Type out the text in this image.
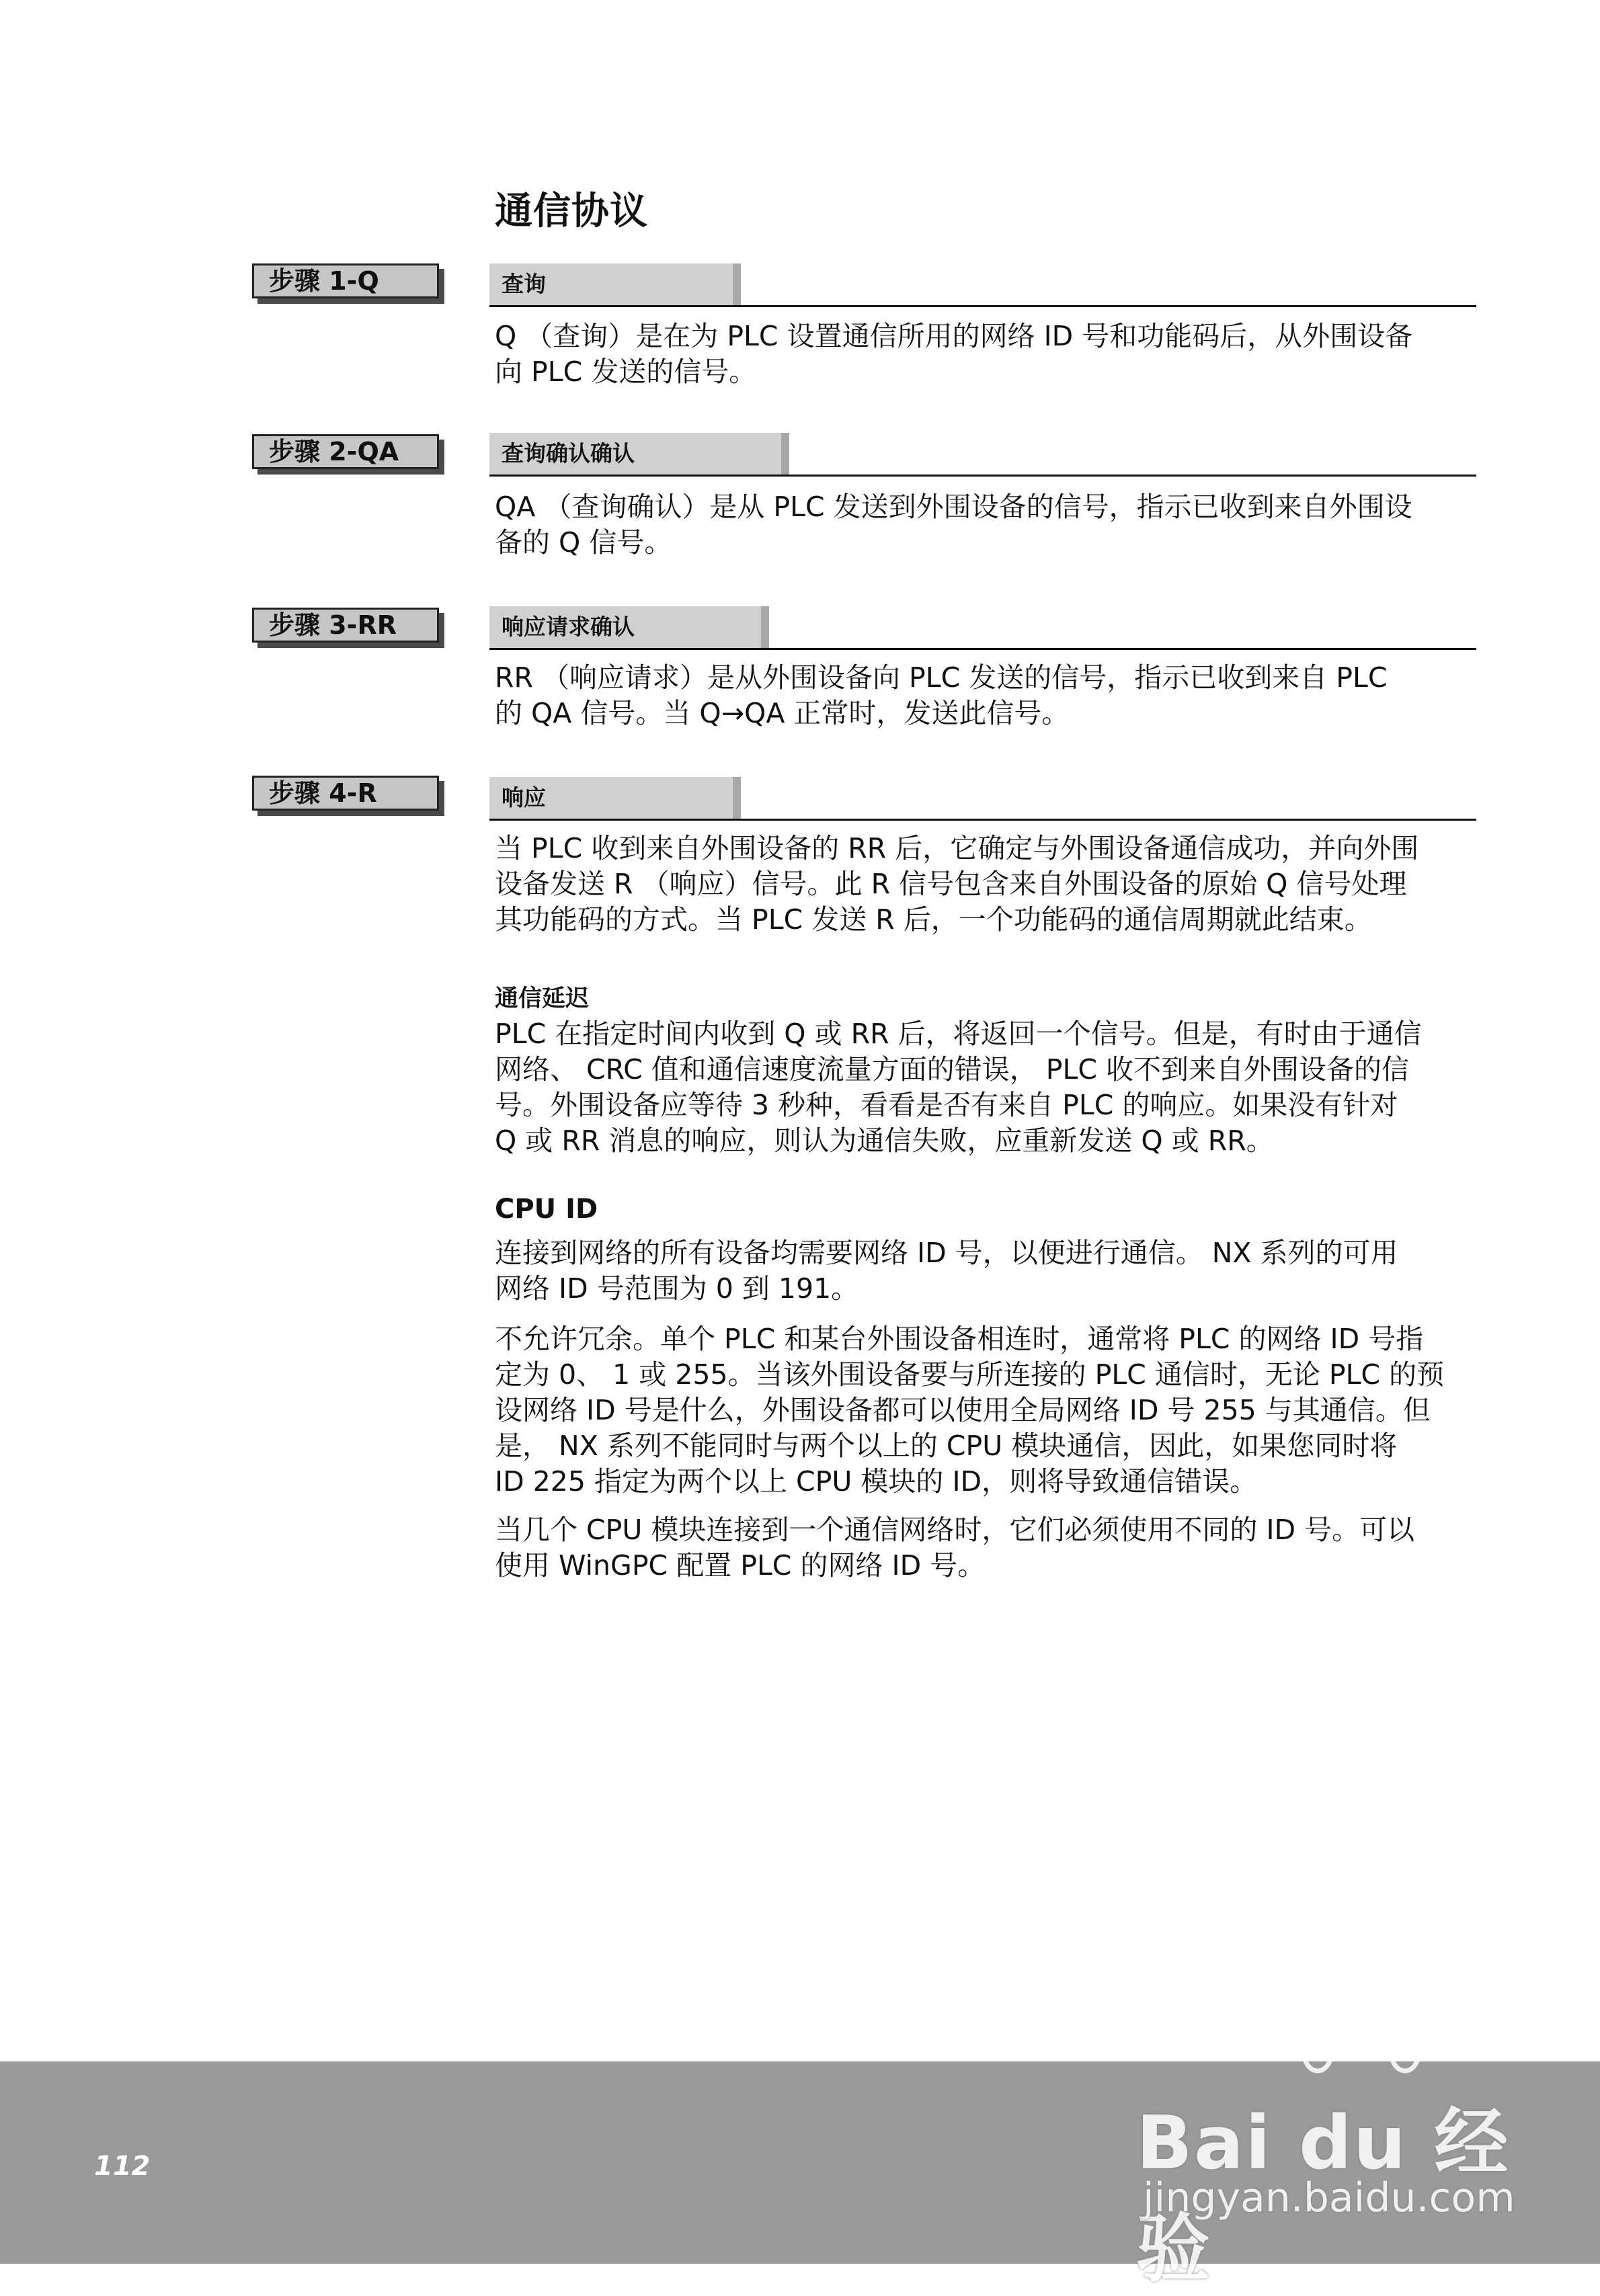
通信协议
步骤 1-Q	查询

Q （查询）是在为 PLC 设置通信所用的网络 ID 号和功能码后，从外围设备
向 PLC 发送的信号。

步骤 2-QA	查询确认确认

QA （查询确认）是从 PLC 发送到外围设备的信号，指示已收到来自外围设
备的 Q 信号。

步骤 3-RR	响应请求确认

RR （响应请求）是从外围设备向 PLC 发送的信号，指示已收到来自 PLC
的 QA 信号。当 Q→QA 正常时，发送此信号。

步骤 4-R	响应

当 PLC 收到来自外围设备的 RR 后，它确定与外围设备通信成功，并向外围
设备发送 R （响应）信号。此 R 信号包含来自外围设备的原始 Q 信号处理
其功能码的方式。当 PLC 发送 R 后，一个功能码的通信周期就此结束。

通信延迟

PLC 在指定时间内收到 Q 或 RR 后，将返回一个信号。但是，有时由于通信
网络、 CRC 值和通信速度流量方面的错误， PLC 收不到来自外围设备的信
号。外围设备应等待 3 秒种，看看是否有来自 PLC 的响应。如果没有针对
Q 或 RR 消息的响应，则认为通信失败，应重新发送 Q 或 RR。

CPU ID

连接到网络的所有设备均需要网络 ID 号，以便进行通信。 NX 系列的可用
网络 ID 号范围为 0 到 191。

不允许冗余。单个 PLC 和某台外围设备相连时，通常将 PLC 的网络 ID 号指
定为 0、 1 或 255。当该外围设备要与所连接的 PLC 通信时，无论 PLC 的预
设网络 ID 号是什么，外围设备都可以使用全局网络 ID 号 255 与其通信。但
是， NX 系列不能同时与两个以上的 CPU 模块通信，因此，如果您同时将
ID 225 指定为两个以上 CPU 模块的 ID，则将导致通信错误。

当几个 CPU 模块连接到一个通信网络时，它们必须使用不同的 ID 号。可以
使用 WinGPC 配置 PLC 的网络 ID 号。

112	Bai du 经验
jingyan.baidu.com
